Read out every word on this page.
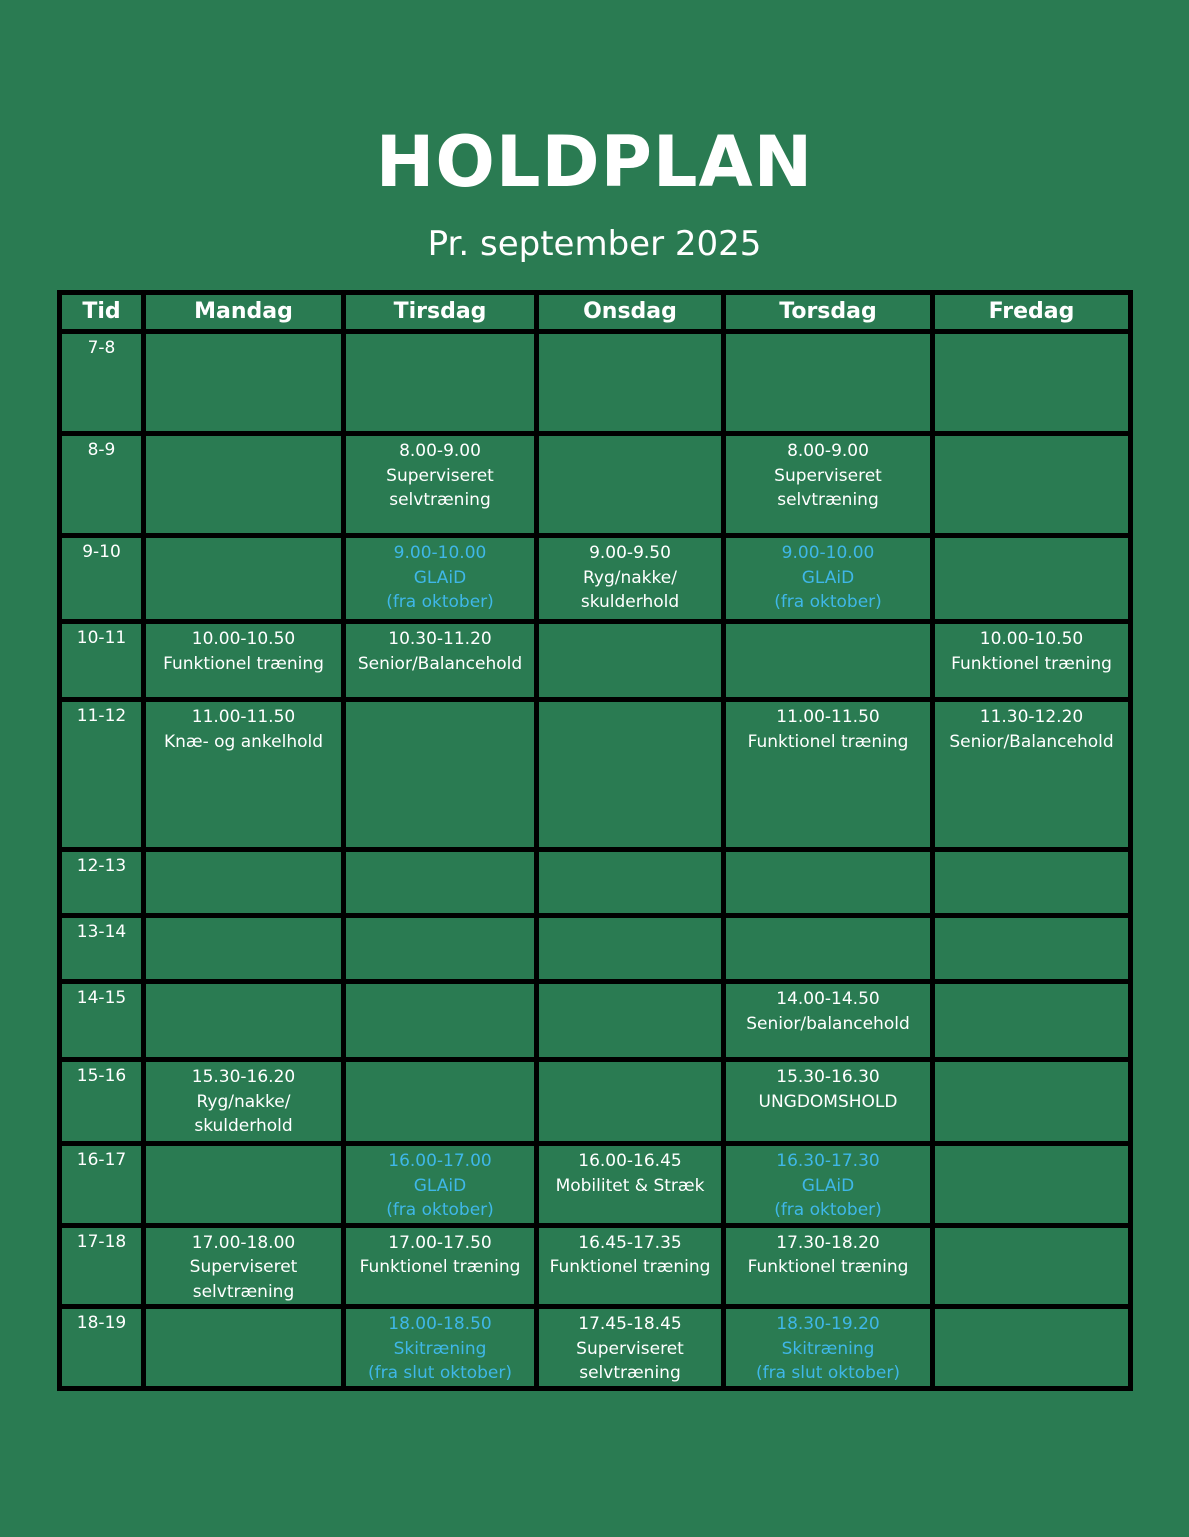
HOLDPLAN
Pr. september 2025
Tid	Mandag	Tirsdag	Onsdag	Torsdag	Fredag
7-8					
8-9		8.00-9.00
Superviseret
selvtræning		8.00-9.00
Superviseret
selvtræning	

9-10		9.00-10.00
GLAiD
(fra oktober)	9.00-9.50
Ryg/nakke/
skulderhold	9.00-10.00
GLAiD
(fra oktober)	

10-11	10.00-10.50
Funktionel træning	10.30-11.20
Senior/Balancehold			10.00-10.50
Funktionel træning

11-12	11.00-11.50
Knæ- og ankelhold			11.00-11.50
Funktionel træning	11.30-12.20
Senior/Balancehold

12-13					
13-14					
14-15				14.00-14.50
Senior/balancehold	

15-16	15.30-16.20
Ryg/nakke/
skulderhold			15.30-16.30
UNGDOMSHOLD	

16-17		16.00-17.00
GLAiD
(fra oktober)	16.00-16.45
Mobilitet & Stræk	16.30-17.30
GLAiD
(fra oktober)	

17-18	17.00-18.00
Superviseret
selvtræning	17.00-17.50
Funktionel træning	16.45-17.35
Funktionel træning	17.30-18.20
Funktionel træning	

18-19		18.00-18.50
Skitræning
(fra slut oktober)	17.45-18.45
Superviseret
selvtræning	18.30-19.20
Skitræning
(fra slut oktober)	
